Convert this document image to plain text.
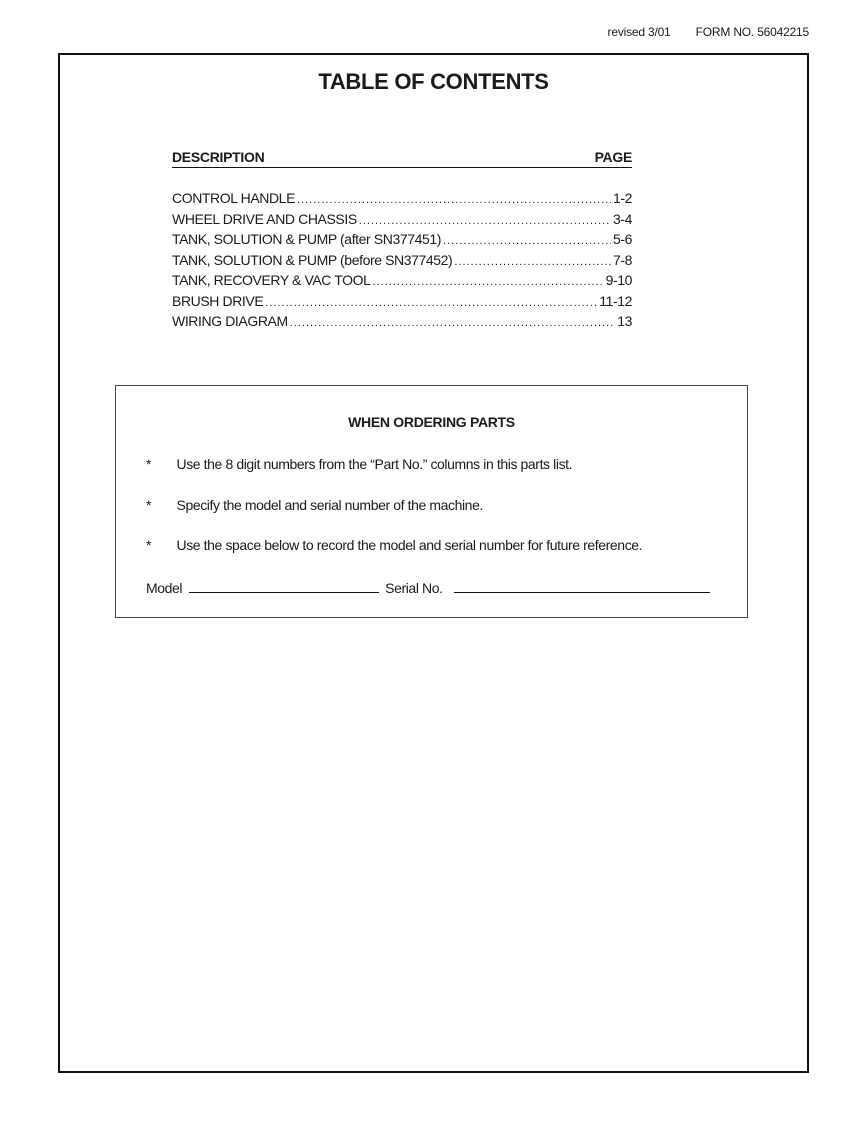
revised 3/01 FORM NO. 56042215
TABLE OF CONTENTS
DESCRIPTION	PAGE
CONTROL HANDLE .....	1-2
WHEEL DRIVE AND CHASSIS .....	3-4
TANK, SOLUTION & PUMP (after SN377451) .....	5-6
TANK, SOLUTION & PUMP (before SN377452) .....	7-8
TANK, RECOVERY & VAC TOOL .....	9-10
BRUSH DRIVE .....	11-12
WIRING DIAGRAM .....	13
WHEN ORDERING PARTS
* Use the 8 digit numbers from the “Part No.” columns in this parts list.
* Specify the model and serial number of the machine.
* Use the space below to record the model and serial number for future reference.
Model	Serial No.
